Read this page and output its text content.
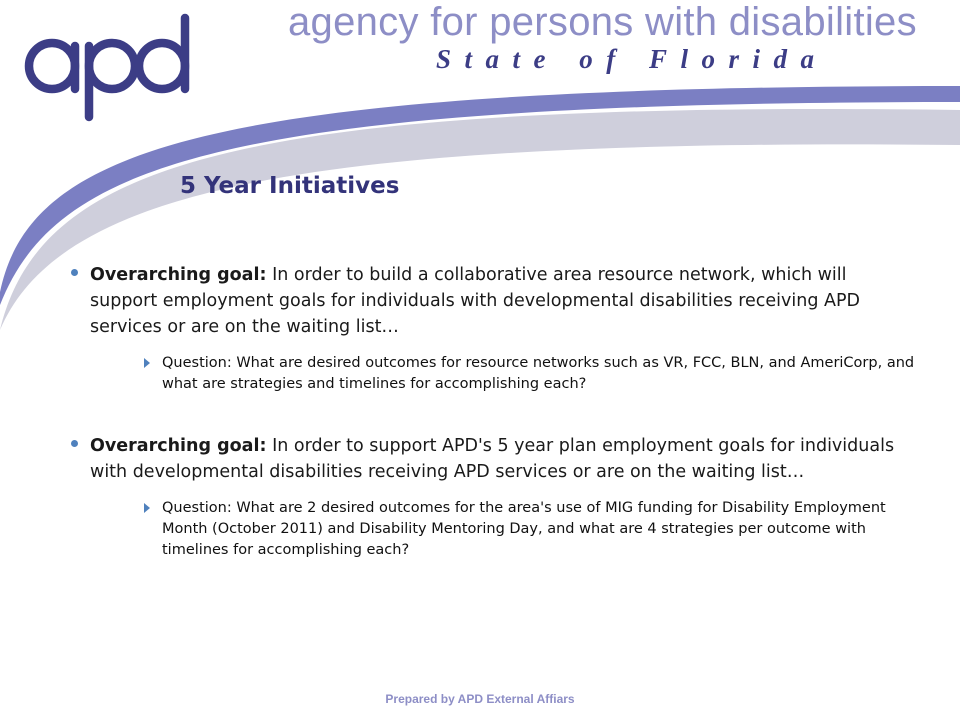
agency for persons with disabilities
State of Florida
5 Year Initiatives
Overarching goal: In order to build a collaborative area resource network, which will support employment goals for individuals with developmental disabilities receiving APD services or are on the waiting list…
Question: What are desired outcomes for resource networks such as VR, FCC, BLN, and AmeriCorp, and what are strategies and timelines for accomplishing each?
Overarching goal: In order to support APD's 5 year plan employment goals for individuals with developmental disabilities receiving APD services or are on the waiting list…
Question: What are 2 desired outcomes for the area's use of MIG funding for Disability Employment Month (October 2011) and Disability Mentoring Day, and what are 4 strategies per outcome with timelines for accomplishing each?
Prepared by APD External Affiars
